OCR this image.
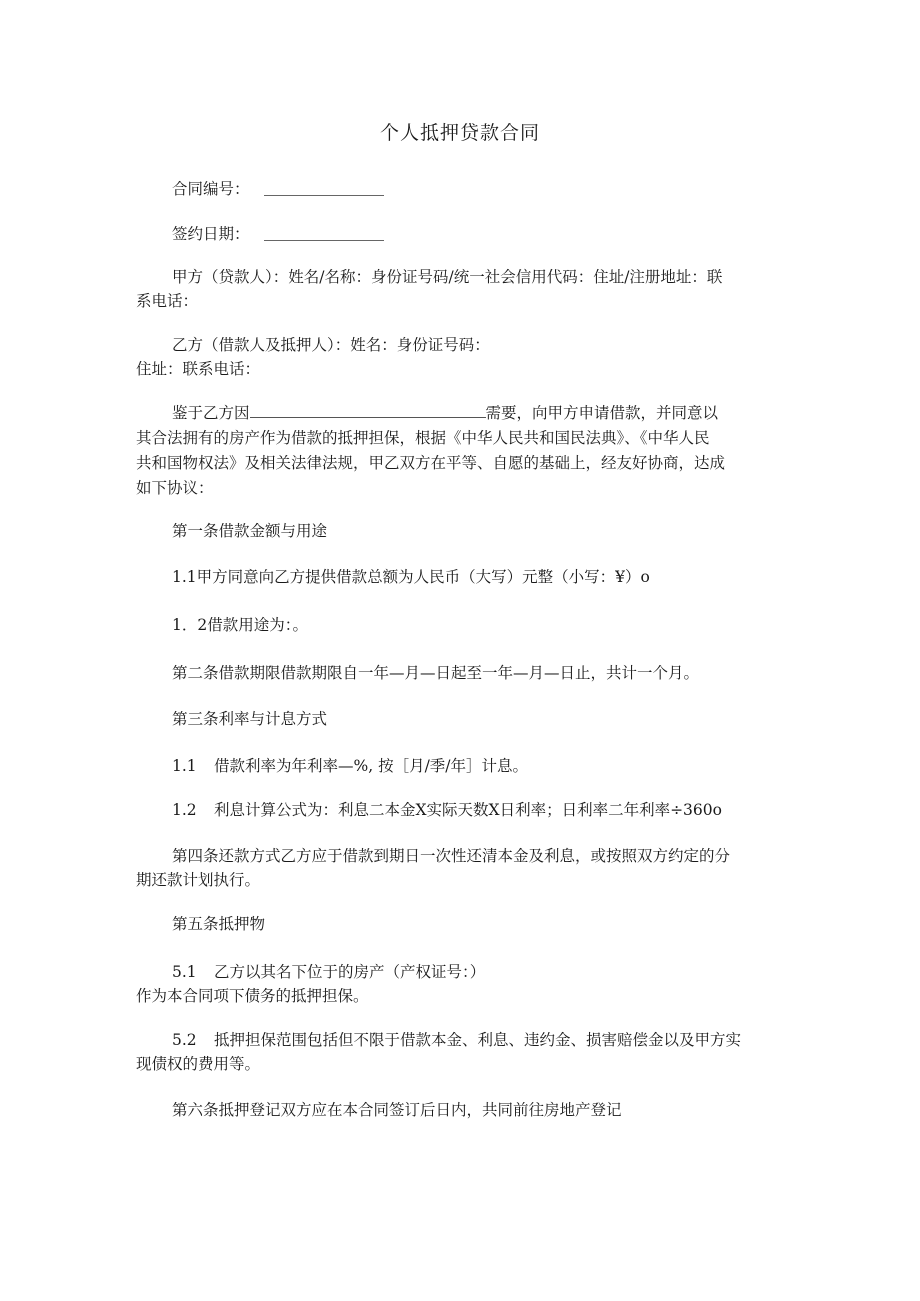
个人抵押贷款合同
合同编号：
签约日期：
甲方（贷款人）：姓名/名称：身份证号码/统一社会信用代码：住址/注册地址：联
系电话：
乙方（借款人及抵押人）：姓名：身份证号码：
住址：联系电话：
鉴于乙方因	需要，向甲方申请借款，并同意以
其合法拥有的房产作为借款的抵押担保，根据《中华人民共和国民法典》、《中华人民
共和国物权法》及相关法律法规，甲乙双方在平等、自愿的基础上，经友好协商，达成
如下协议：
第一条借款金额与用途
1.1甲方同意向乙方提供借款总额为人民币（大写）元整（小写：¥）o
1．2借款用途为：。
第二条借款期限借款期限自一年—月—日起至一年—月—日止，共计一个月。
第三条利率与计息方式
1.1 借款利率为年利率—%, 按［月/季/年］计息。
1.2 利息计算公式为：利息二本金X实际天数X日利率；日利率二年利率÷360o
第四条还款方式乙方应于借款到期日一次性还清本金及利息，或按照双方约定的分
期还款计划执行。
第五条抵押物
5.1 乙方以其名下位于的房产（产权证号：）
作为本合同项下债务的抵押担保。
5.2 抵押担保范围包括但不限于借款本金、利息、违约金、损害赔偿金以及甲方实
现债权的费用等。
第六条抵押登记双方应在本合同签订后日内，共同前往房地产登记
